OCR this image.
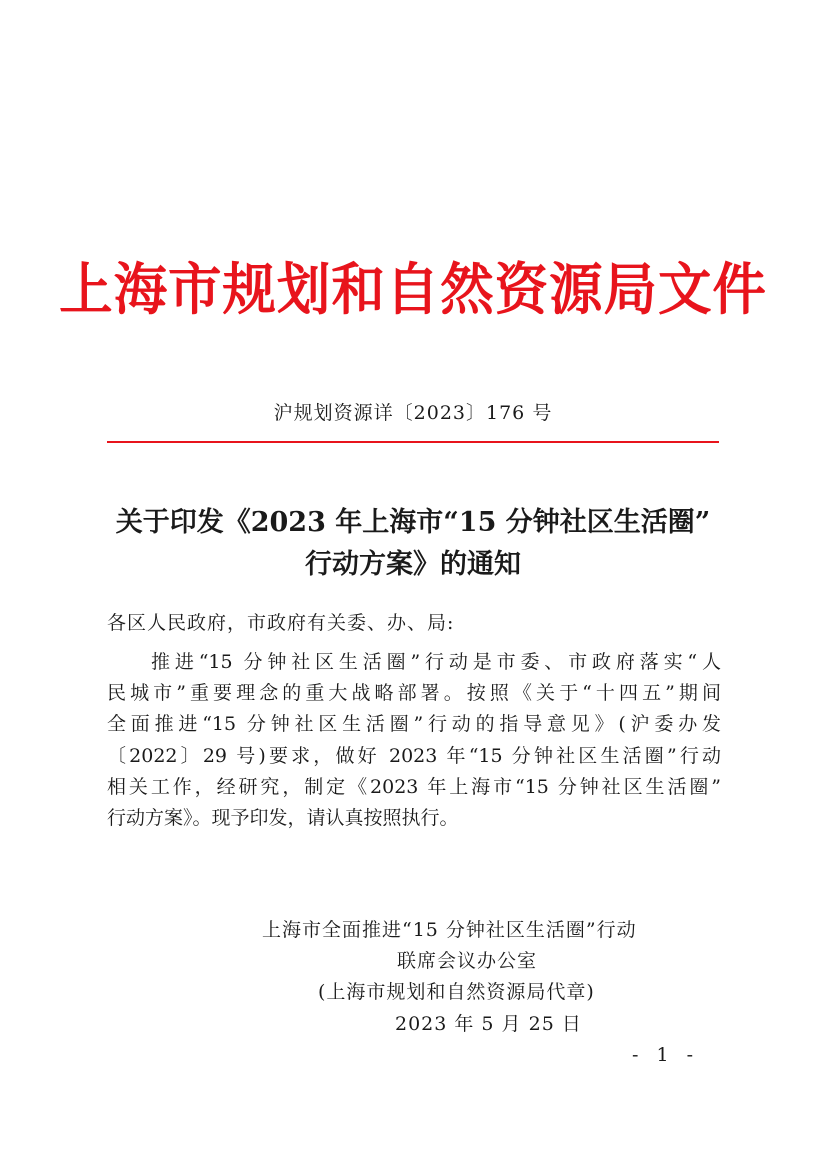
上海市规划和自然资源局文件
沪规划资源详〔2023〕176 号
关于印发《2023 年上海市“15 分钟社区生活圈”
行动方案》的通知
各区人民政府，市政府有关委、办、局:
推进“15 分钟社区生活圈”行动是市委、市政府落实“人
民城市”重要理念的重大战略部署。按照《关于“十四五”期间
全面推进“15 分钟社区生活圈”行动的指导意见》(沪委办发
〔2022〕29 号)要求，做好 2023 年“15 分钟社区生活圈”行动
相关工作，经研究，制定《2023 年上海市“15 分钟社区生活圈”
行动方案》。现予印发，请认真按照执行。
上海市全面推进“15 分钟社区生活圈”行动
联席会议办公室
(上海市规划和自然资源局代章)
2023 年 5 月 25 日
- 1 -
